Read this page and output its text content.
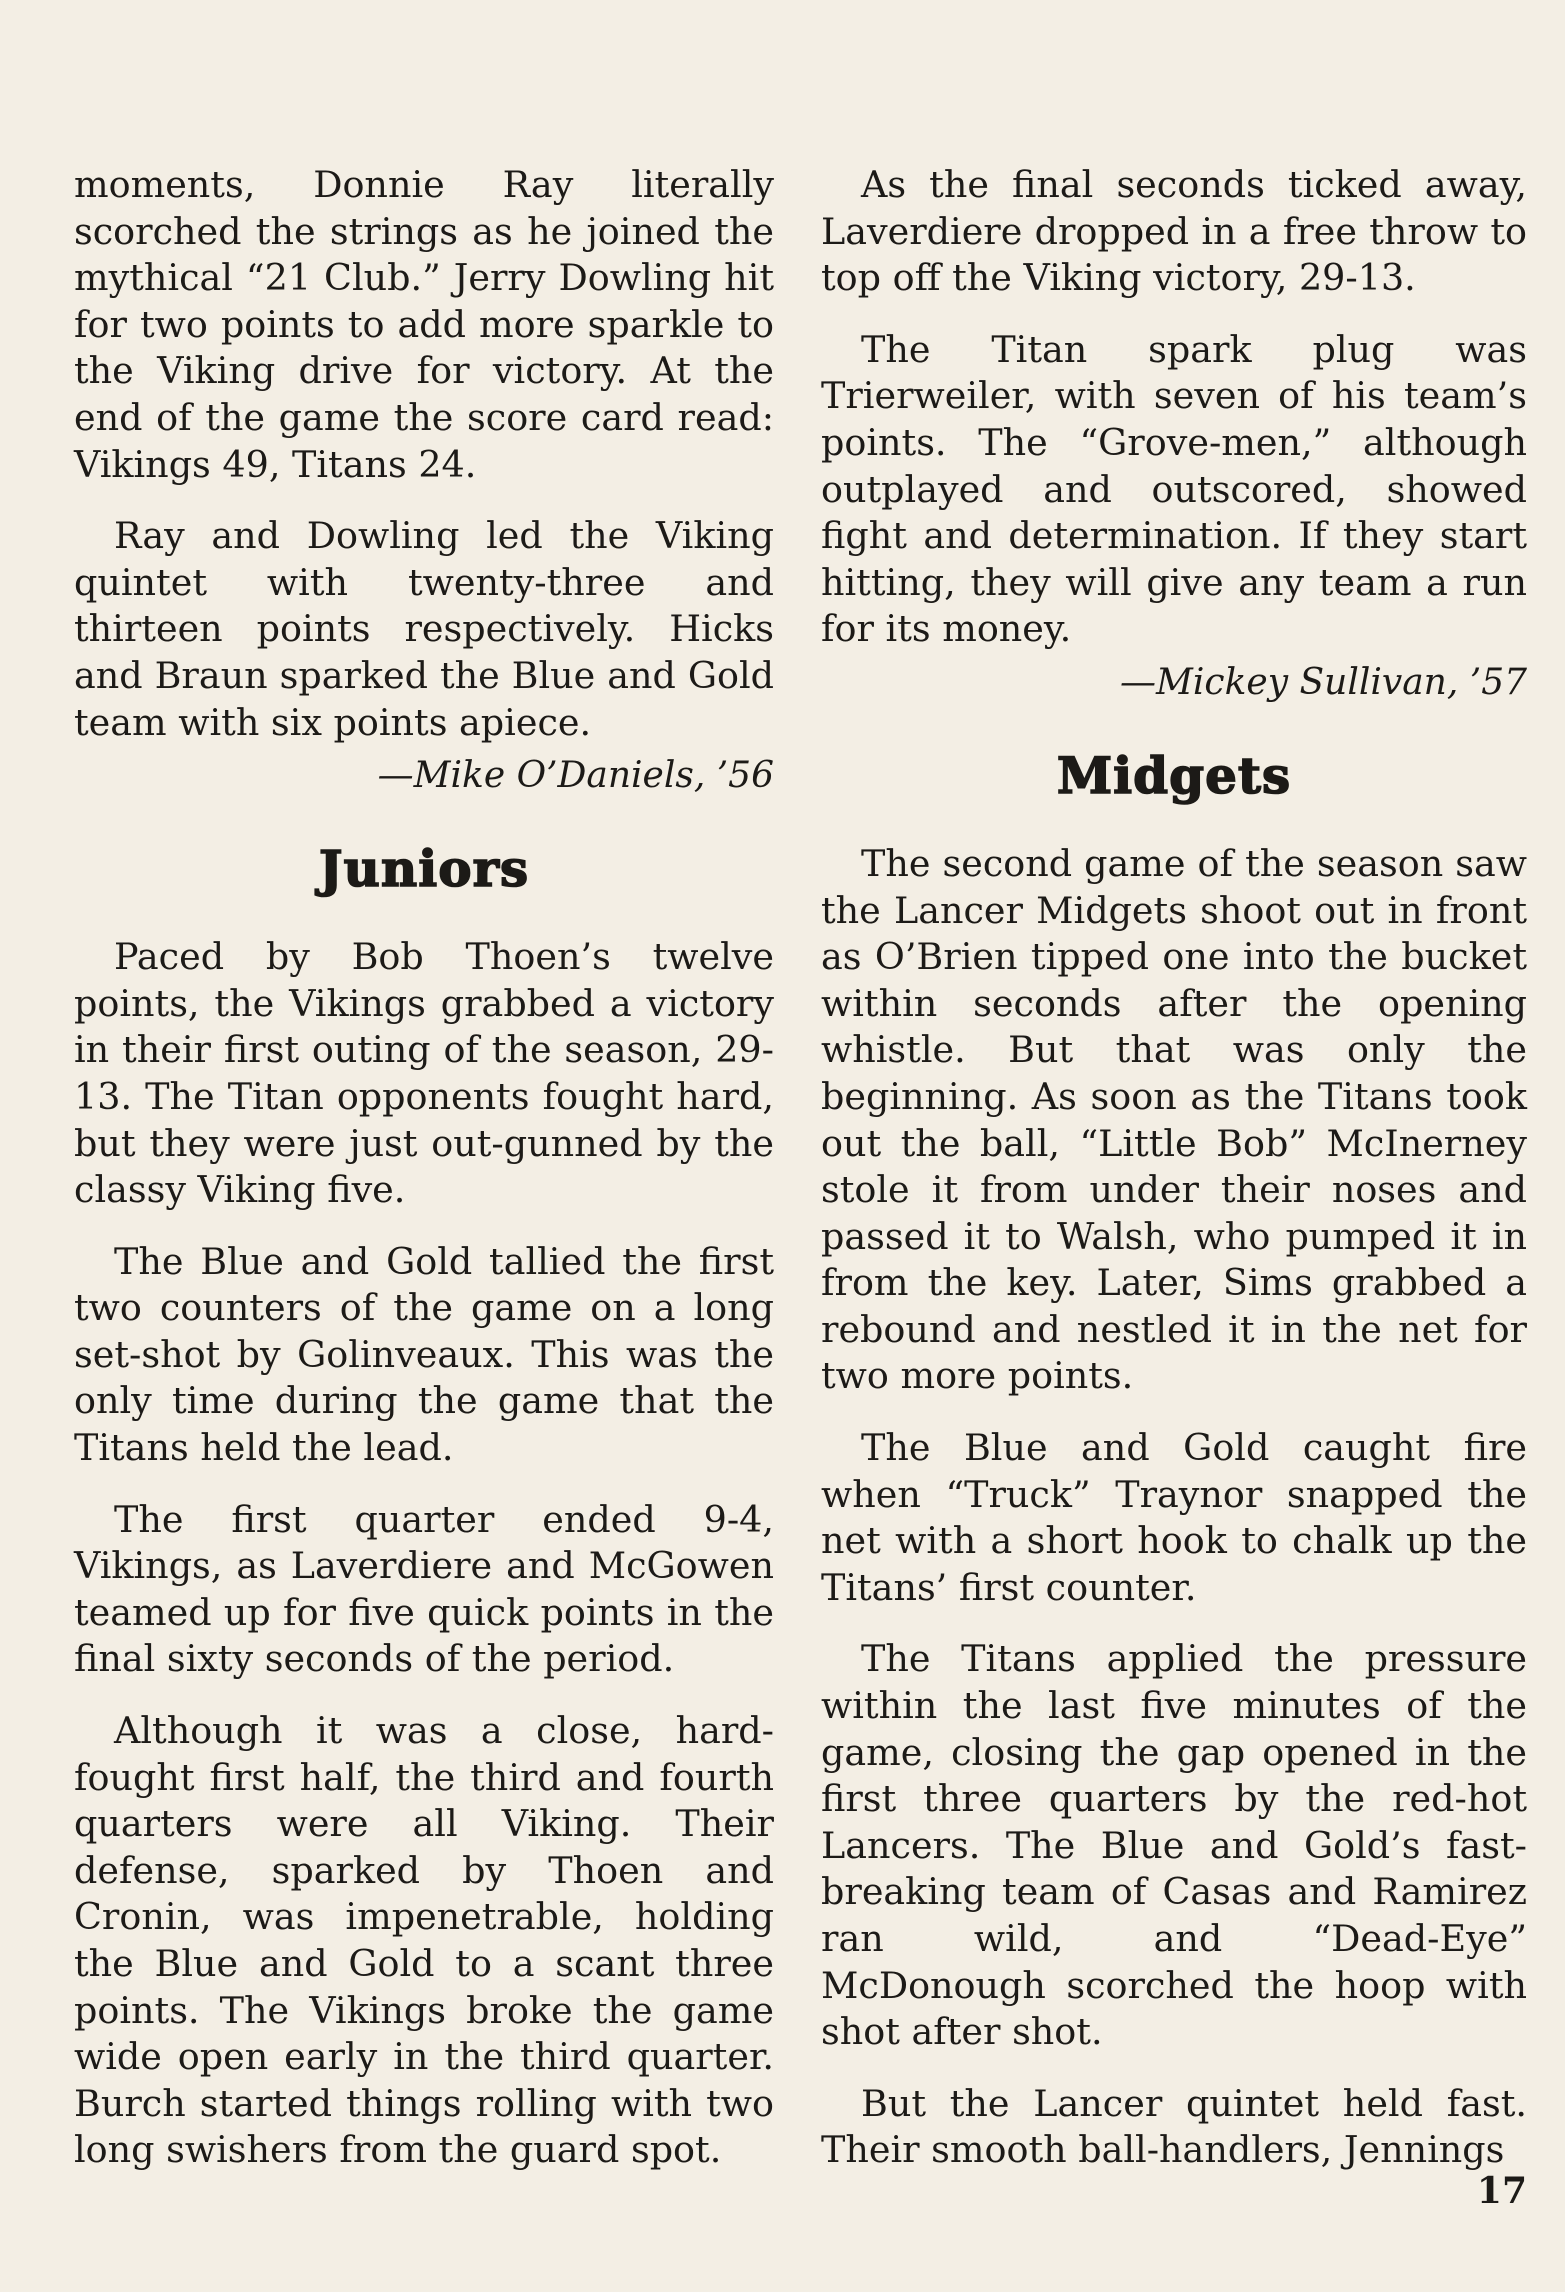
moments, Donnie Ray literally scorched the strings as he joined the mythical “21 Club.” Jerry Dowling hit for two points to add more sparkle to the Viking drive for victory. At the end of the game the score card read: Vikings 49, Titans 24.

Ray and Dowling led the Viking quintet with twenty-three and thirteen points respectively. Hicks and Braun sparked the Blue and Gold team with six points apiece.

—Mike O’Daniels, ’56
Juniors

Paced by Bob Thoen’s twelve points, the Vikings grabbed a victory in their first outing of the season, 29-13. The Titan opponents fought hard, but they were just out-gunned by the classy Viking five.

The Blue and Gold tallied the first two counters of the game on a long set-shot by Golinveaux. This was the only time during the game that the Titans held the lead.

The first quarter ended 9-4, Vikings, as Laverdiere and McGowen teamed up for five quick points in the final sixty seconds of the period.

Although it was a close, hard-fought first half, the third and fourth quarters were all Viking. Their defense, sparked by Thoen and Cronin, was impenetrable, holding the Blue and Gold to a scant three points. The Vikings broke the game wide open early in the third quarter. Burch started things rolling with two long swishers from the guard spot.

As the final seconds ticked away, Laverdiere dropped in a free throw to top off the Viking victory, 29-13.

The Titan spark plug was Trierweiler, with seven of his team’s points. The “Grove-men,” although outplayed and outscored, showed fight and determination. If they start hitting, they will give any team a run for its money.

—Mickey Sullivan, ’57
Midgets

The second game of the season saw the Lancer Midgets shoot out in front as O’Brien tipped one into the bucket within seconds after the opening whistle. But that was only the beginning. As soon as the Titans took out the ball, “Little Bob” McInerney stole it from under their noses and passed it to Walsh, who pumped it in from the key. Later, Sims grabbed a rebound and nestled it in the net for two more points.

The Blue and Gold caught fire when “Truck” Traynor snapped the net with a short hook to chalk up the Titans’ first counter.

The Titans applied the pressure within the last five minutes of the game, closing the gap opened in the first three quarters by the red-hot Lancers. The Blue and Gold’s fast-breaking team of Casas and Ramirez ran wild, and “Dead-Eye” McDonough scorched the hoop with shot after shot.

But the Lancer quintet held fast. Their smooth ball-handlers, Jennings

17
